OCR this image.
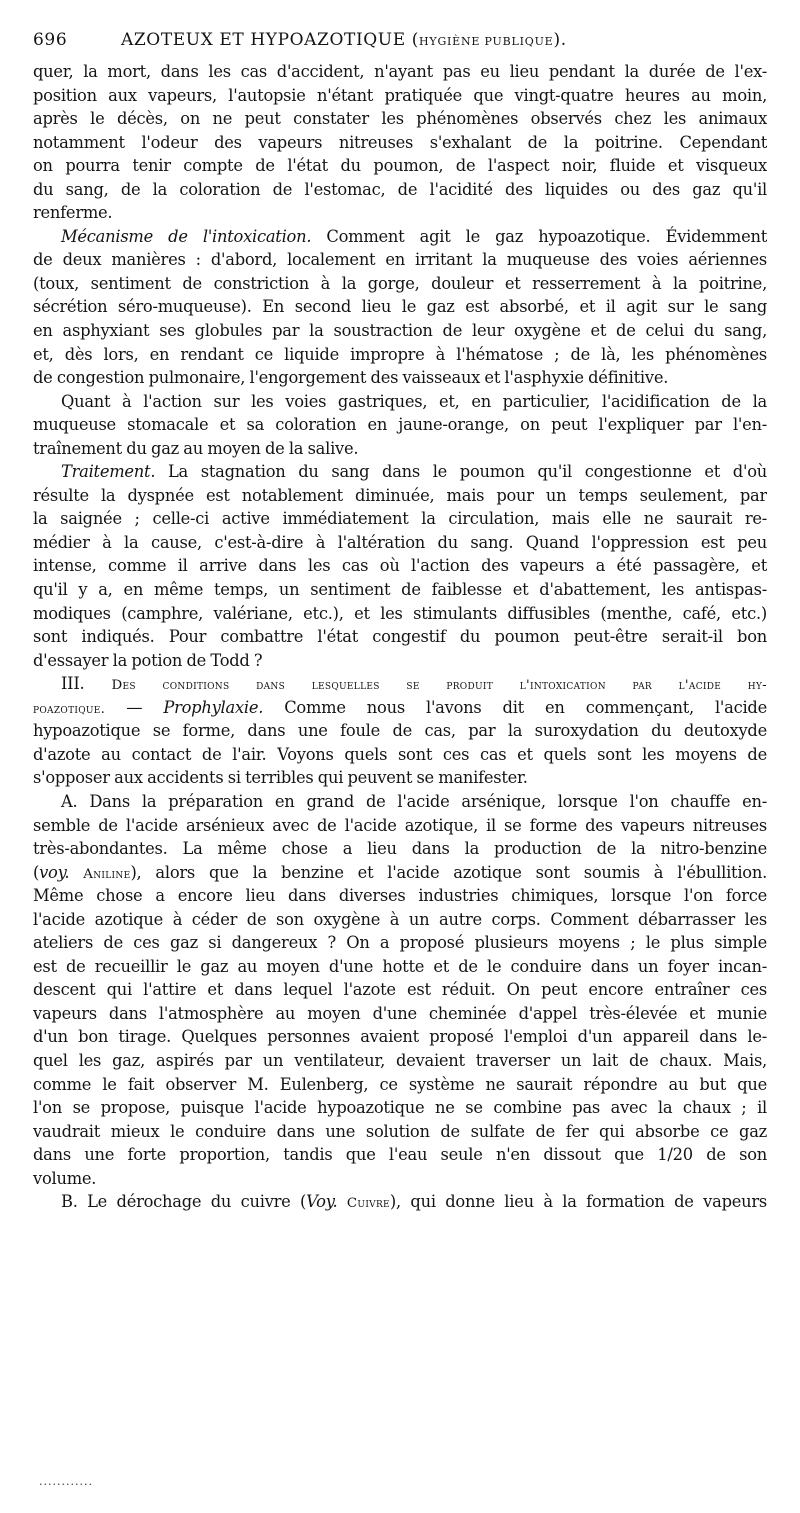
696	AZOTEUX ET HYPOAZOTIQUE (HYGIÈNE PUBLIQUE).

quer, la mort, dans les cas d'accident, n'ayant pas eu lieu pendant la durée de l'ex-
position aux vapeurs, l'autopsie n'étant pratiquée que vingt-quatre heures au moin,
après le décès, on ne peut constater les phénomènes observés chez les animaux
notamment l'odeur des vapeurs nitreuses s'exhalant de la poitrine. Cependant
on pourra tenir compte de l'état du poumon, de l'aspect noir, fluide et visqueux
du sang, de la coloration de l'estomac, de l'acidité des liquides ou des gaz qu'il
renferme.

Mécanisme de l'intoxication. Comment agit le gaz hypoazotique. Évidemment
de deux manières : d'abord, localement en irritant la muqueuse des voies aériennes
(toux, sentiment de constriction à la gorge, douleur et resserrement à la poitrine,
sécrétion séro-muqueuse). En second lieu le gaz est absorbé, et il agit sur le sang
en asphyxiant ses globules par la soustraction de leur oxygène et de celui du sang,
et, dès lors, en rendant ce liquide impropre à l'hématose ; de là, les phénomènes
de congestion pulmonaire, l'engorgement des vaisseaux et l'asphyxie définitive.

Quant à l'action sur les voies gastriques, et, en particulier, l'acidification de la
muqueuse stomacale et sa coloration en jaune-orange, on peut l'expliquer par l'en-
traînement du gaz au moyen de la salive.

Traitement. La stagnation du sang dans le poumon qu'il congestionne et d'où
résulte la dyspnée est notablement diminuée, mais pour un temps seulement, par
la saignée ; celle-ci active immédiatement la circulation, mais elle ne saurait re-
médier à la cause, c'est-à-dire à l'altération du sang. Quand l'oppression est peu
intense, comme il arrive dans les cas où l'action des vapeurs a été passagère, et
qu'il y a, en même temps, un sentiment de faiblesse et d'abattement, les antispas-
modiques (camphre, valériane, etc.), et les stimulants diffusibles (menthe, café, etc.)
sont indiqués. Pour combattre l'état congestif du poumon peut-être serait-il bon
d'essayer la potion de Todd ?

III. Des conditions dans lesquelles se produit l'intoxication par l'acide hy-
poazotique. — Prophylaxie. Comme nous l'avons dit en commençant, l'acide
hypoazotique se forme, dans une foule de cas, par la suroxydation du deutoxyde
d'azote au contact de l'air. Voyons quels sont ces cas et quels sont les moyens de
s'opposer aux accidents si terribles qui peuvent se manifester.

A. Dans la préparation en grand de l'acide arsénique, lorsque l'on chauffe en-
semble de l'acide arsénieux avec de l'acide azotique, il se forme des vapeurs nitreuses
très-abondantes. La même chose a lieu dans la production de la nitro-benzine
(voy. Aniline), alors que la benzine et l'acide azotique sont soumis à l'ébullition.
Même chose a encore lieu dans diverses industries chimiques, lorsque l'on force
l'acide azotique à céder de son oxygène à un autre corps. Comment débarrasser les
ateliers de ces gaz si dangereux ? On a proposé plusieurs moyens ; le plus simple
est de recueillir le gaz au moyen d'une hotte et de le conduire dans un foyer incan-
descent qui l'attire et dans lequel l'azote est réduit. On peut encore entraîner ces
vapeurs dans l'atmosphère au moyen d'une cheminée d'appel très-élevée et munie
d'un bon tirage. Quelques personnes avaient proposé l'emploi d'un appareil dans le-
quel les gaz, aspirés par un ventilateur, devaient traverser un lait de chaux. Mais,
comme le fait observer M. Eulenberg, ce système ne saurait répondre au but que
l'on se propose, puisque l'acide hypoazotique ne se combine pas avec la chaux ; il
vaudrait mieux le conduire dans une solution de sulfate de fer qui absorbe ce gaz
dans une forte proportion, tandis que l'eau seule n'en dissout que 1/20 de son
volume.

B. Le dérochage du cuivre (Voy. Cuivre), qui donne lieu à la formation de vapeurs

............
